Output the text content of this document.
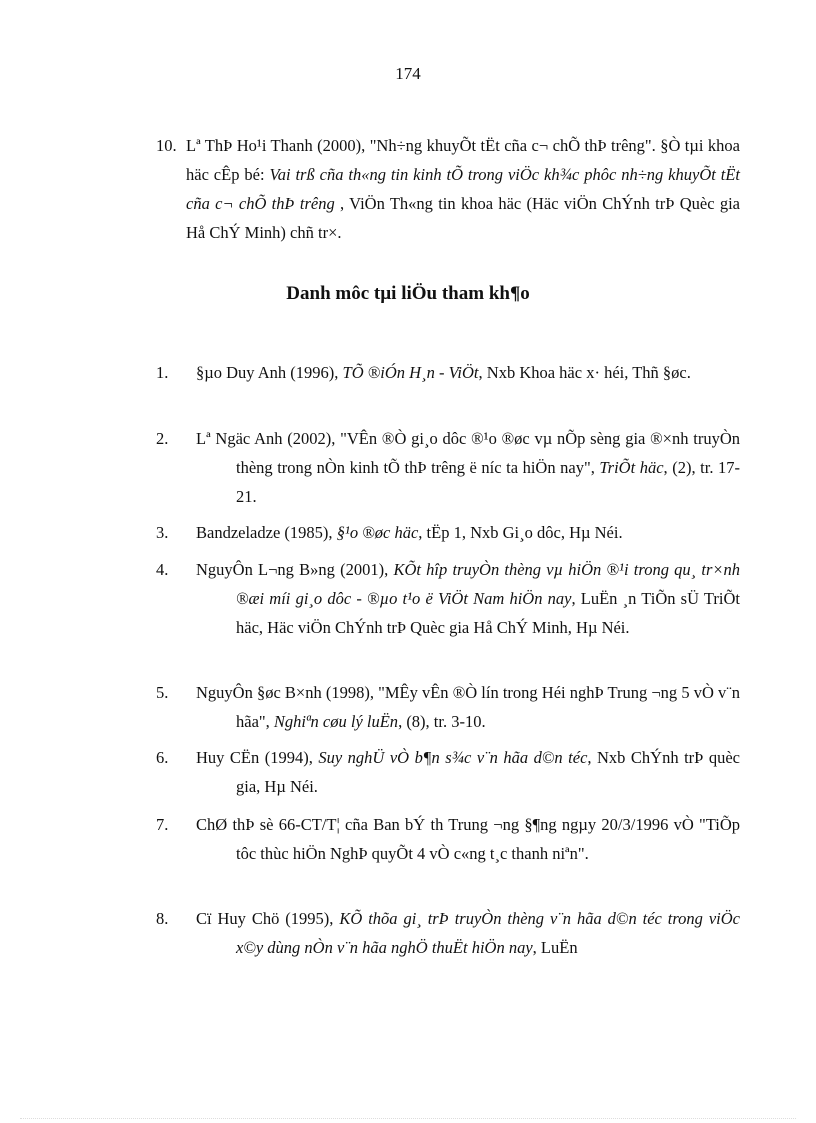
174
10. Lª ThÞ Ho¹i Thanh (2000), "Nh÷ng khuyÕt tËt cña c¬ chÕ thÞ trêng". §Ò tµi khoa häc cÊp bé: Vai trß cña th«ng tin kinh tÕ trong viÖc kh¾c phôc nh÷ng khuyÕt tËt cña c¬ chÕ thÞ trêng , ViÖn Th«ng tin khoa häc (Häc viÖn ChÝnh trÞ Quèc gia Hå ChÝ Minh) chñ tr×.
Danh môc tµi liÖu tham kh¶o
1. §µo Duy Anh (1996), TÕ ®iÓn H¸n - ViÖt, Nxb Khoa häc x· héi, Thñ §øc.
2. Lª Ngäc Anh (2002), "VÊn ®Ò gi¸o dôc ®¹o ®øc vµ nÕp sèng gia ®×nh truyÒn thèng trong nÒn kinh tÕ thÞ trêng ë níc ta hiÖn nay", TriÕt häc, (2), tr. 17-21.
3. Bandzeladze (1985), §¹o ®øc häc, tËp 1, Nxb Gi¸o dôc, Hµ Néi.
4. NguyÔn L¬ng B»ng (2001), KÕt hîp truyÒn thèng vµ hiÖn ®¹i trong qu¸ tr×nh ®æi míi gi¸o dôc - ®µo t¹o ë ViÖt Nam hiÖn nay, LuËn ¸n TiÕn sÜ TriÕt häc, Häc viÖn ChÝnh trÞ Quèc gia Hå ChÝ Minh, Hµ Néi.
5. NguyÔn §øc B×nh (1998), "MÊy vÊn ®Ò lín trong Héi nghÞ Trung ¬ng 5 vÒ v¨n hãa", Nghiªn cøu lý luËn, (8), tr. 3-10.
6. Huy CËn (1994), Suy nghÜ vÒ b¶n s¾c v¨n hãa d©n téc, Nxb ChÝnh trÞ quèc gia, Hµ Néi.
7. ChØ thÞ sè 66-CT/T¦ cña Ban bÝ th Trung ¬ng §¶ng ngµy 20/3/1996 vÒ "TiÕp tôc thùc hiÖn NghÞ quyÕt 4 vÒ c«ng t¸c thanh niªn".
8. Cï Huy Chö (1995), KÕ thõa gi¸ trÞ truyÒn thèng v¨n hãa d©n téc trong viÖc x©y dùng nÒn v¨n hãa nghÖ thuËt hiÖn nay, LuËn
